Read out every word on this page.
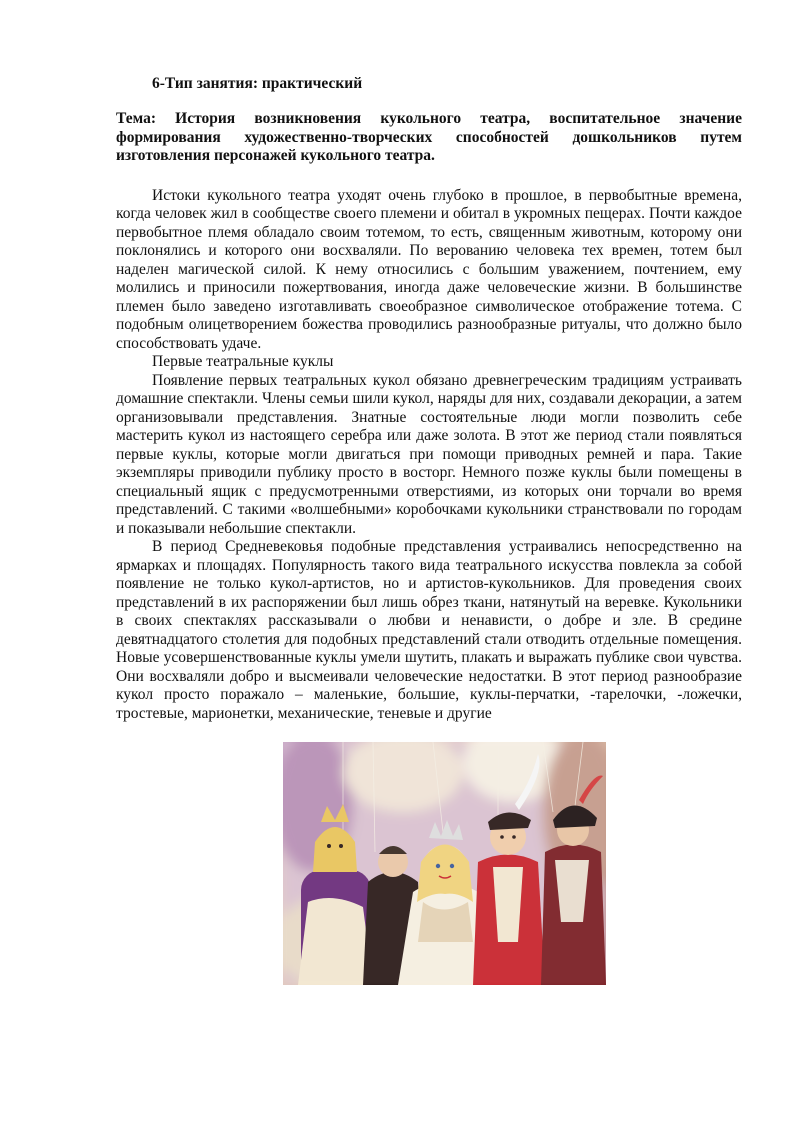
6-Тип занятия: практический

Тема: История возникновения кукольного театра, воспитательное значение формирования художественно-творческих способностей дошкольников путем изготовления персонажей кукольного театра.

Истоки кукольного театра уходят очень глубоко в прошлое, в первобытные времена, когда человек жил в сообществе своего племени и обитал в укромных пещерах. Почти каждое первобытное племя обладало своим тотемом, то есть, священным животным, которому они поклонялись и которого они восхваляли. По верованию человека тех времен, тотем был наделен магической силой. К нему относились с большим уважением, почтением, ему молились и приносили пожертвования, иногда даже человеческие жизни. В большинстве племен было заведено изготавливать своеобразное символическое отображение тотема. С подобным олицетворением божества проводились разнообразные ритуалы, что должно было способствовать удаче.

Первые театральные куклы

Появление первых театральных кукол обязано древнегреческим традициям устраивать домашние спектакли. Члены семьи шили кукол, наряды для них, создавали декорации, а затем организовывали представления. Знатные состоятельные люди могли позволить себе мастерить кукол из настоящего серебра или даже золота. В этот же период стали появляться первые куклы, которые могли двигаться при помощи приводных ремней и пара. Такие экземпляры приводили публику просто в восторг. Немного позже куклы были помещены в специальный ящик с предусмотренными отверстиями, из которых они торчали во время представлений. С такими «волшебными» коробочками кукольники странствовали по городам и показывали небольшие спектакли.

В период Средневековья подобные представления устраивались непосредственно на ярмарках и площадях. Популярность такого вида театрального искусства повлекла за собой появление не только кукол-артистов, но и артистов-кукольников. Для проведения своих представлений в их распоряжении был лишь обрез ткани, натянутый на веревке. Кукольники в своих спектаклях рассказывали о любви и ненависти, о добре и зле. В средине девятнадцатого столетия для подобных представлений стали отводить отдельные помещения. Новые усовершенствованные куклы умели шутить, плакать и выражать публике свои чувства. Они восхваляли добро и высмеивали человеческие недостатки. В этот период разнообразие кукол просто поражало – маленькие, большие, куклы-перчатки, -тарелочки, -ложечки, тростевые, марионетки, механические, теневые и другие
